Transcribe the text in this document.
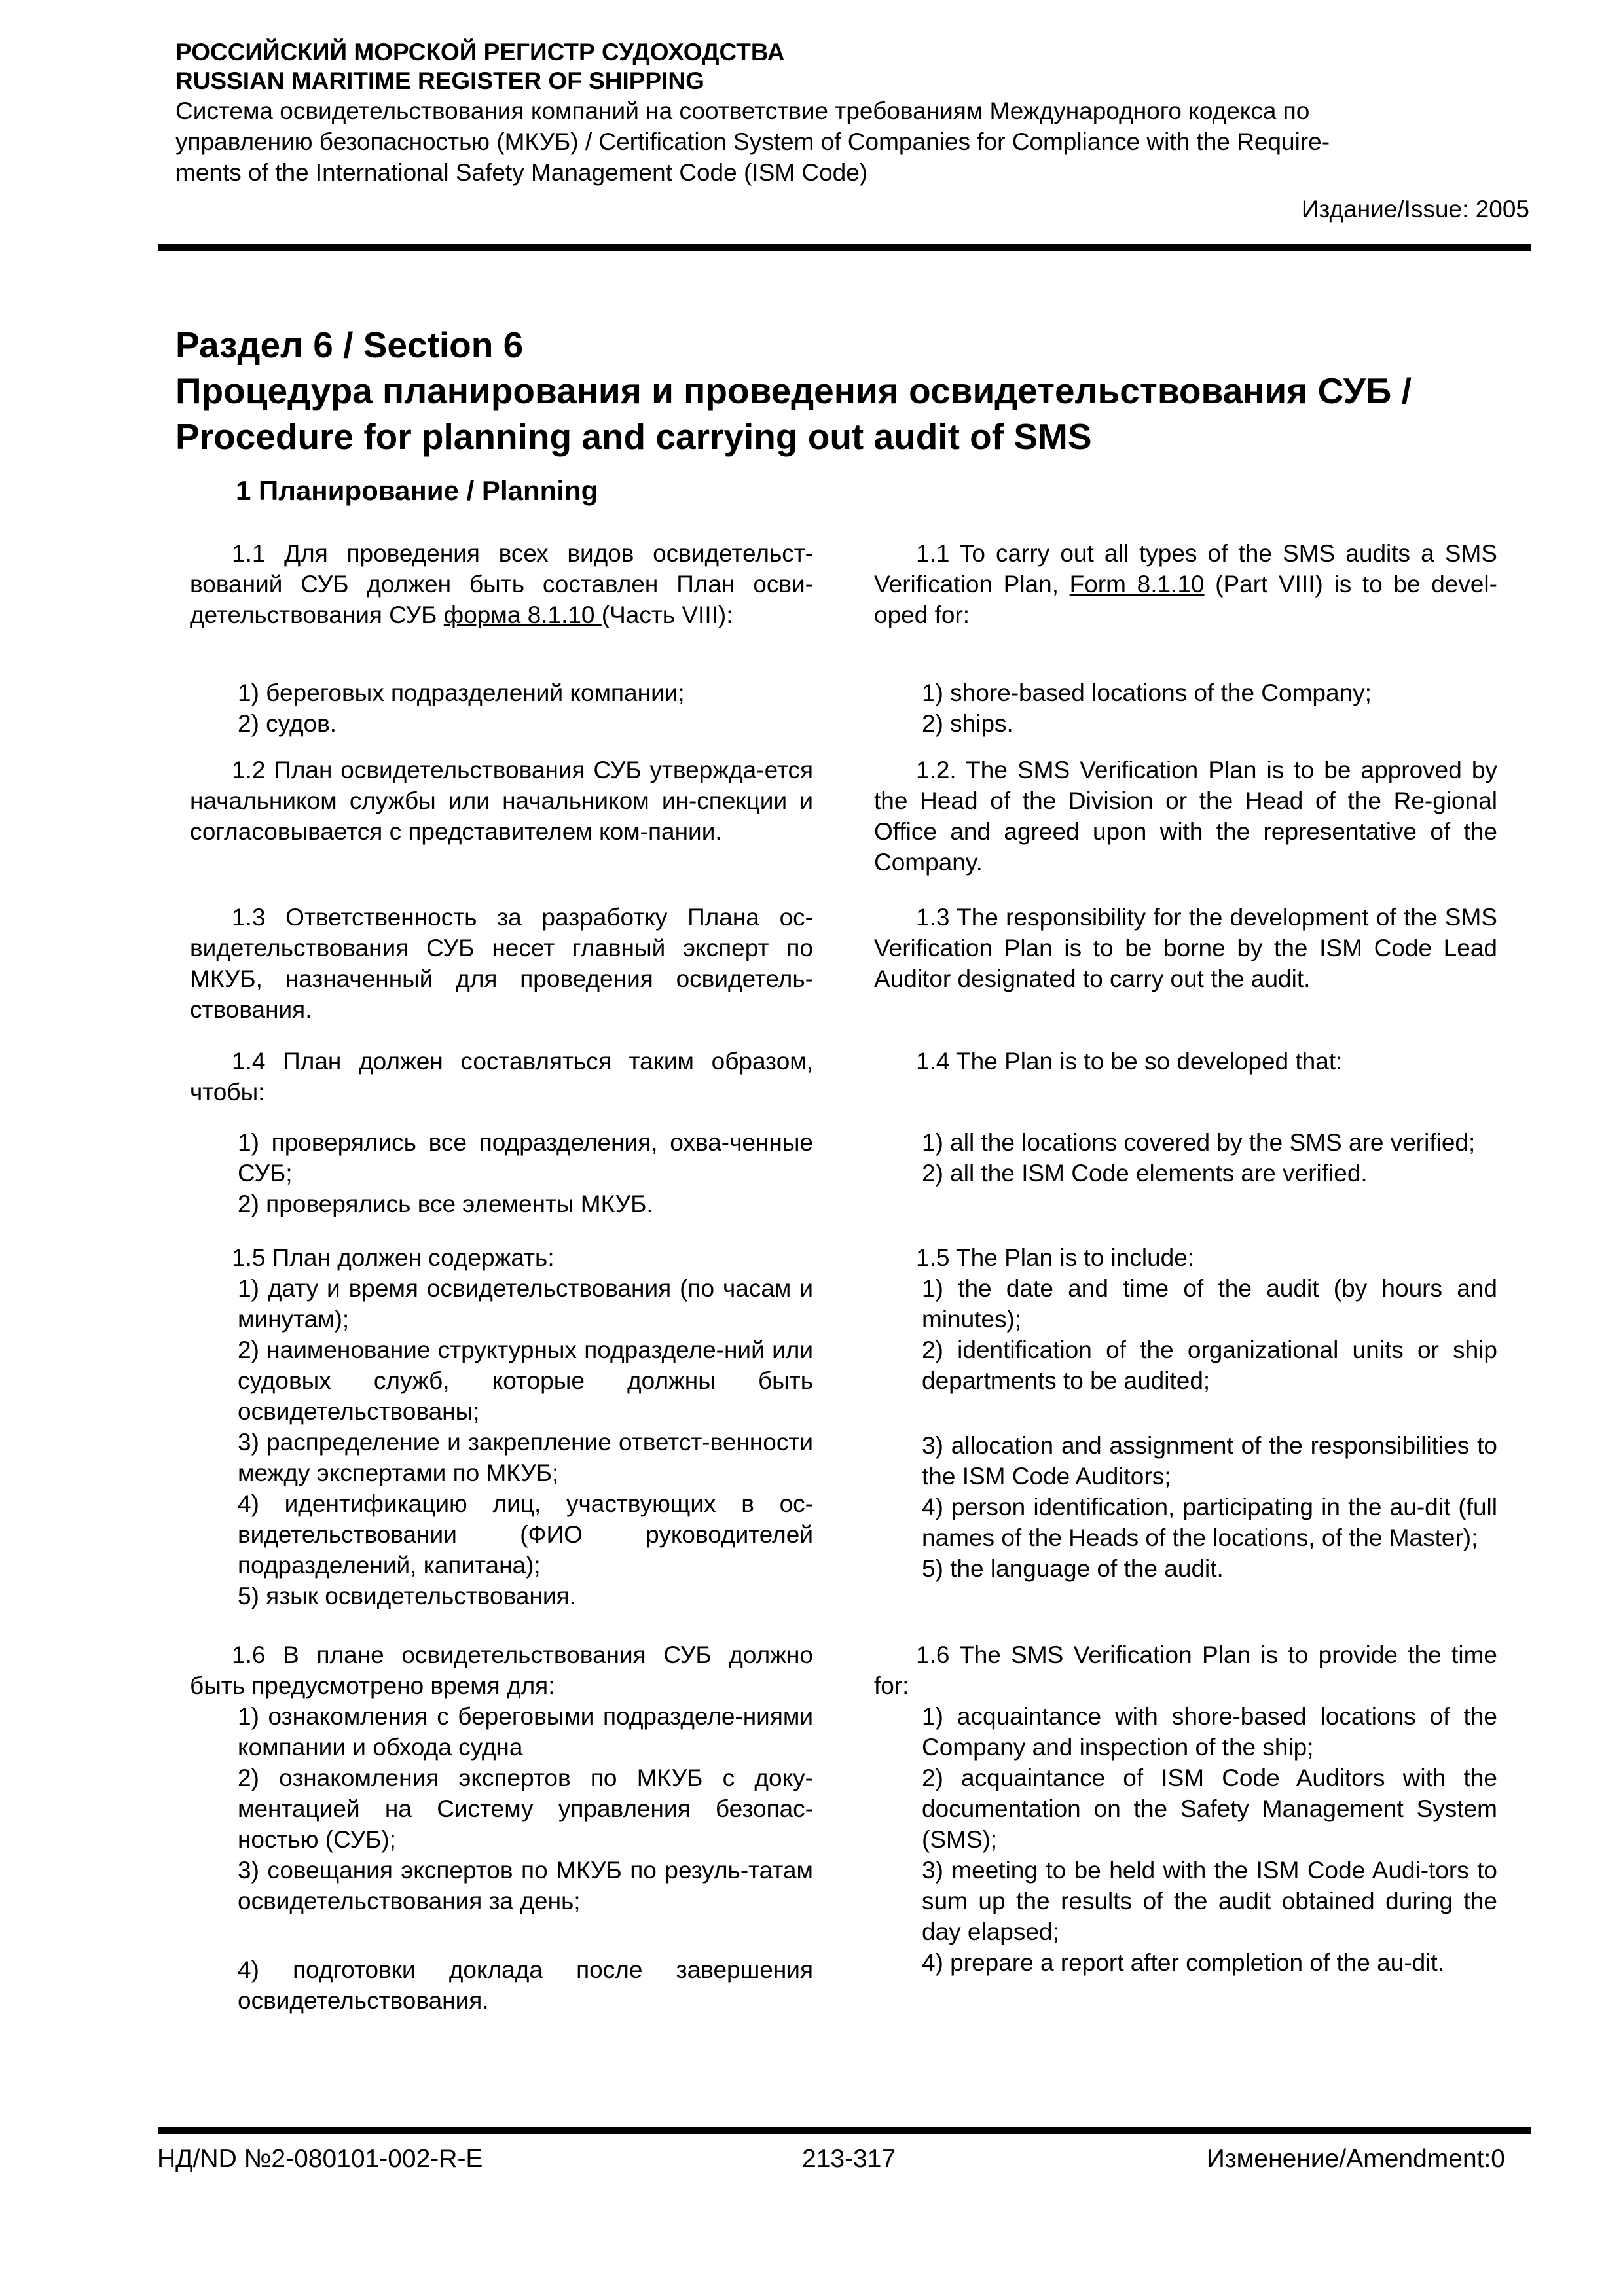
РОССИЙСКИЙ МОРСКОЙ РЕГИСТР СУДОХОДСТВА
RUSSIAN MARITIME REGISTER OF SHIPPING
Система освидетельствования компаний на соответствие требованиям Международного кодекса по
управлению безопасностью (МКУБ) / Certification System of Companies for Compliance with the Require-
ments of the International Safety Management Code (ISM Code)
Издание/Issue: 2005
Раздел 6 / Section 6
Процедура планирования и проведения освидетельствования СУБ /
Procedure for planning and carrying out audit of SMS
1 Планирование / Planning
1.1 Для проведения всех видов освидетельст-вований СУБ должен быть составлен План осви-детельствования СУБ форма 8.1.10 (Часть VIII):
1) береговых подразделений компании;
2) судов.
1.2 План освидетельствования СУБ утвержда-ется начальником службы или начальником ин-спекции и согласовывается с представителем ком-пании.
1.3 Ответственность за разработку Плана ос-видетельствования СУБ несет главный эксперт по МКУБ, назначенный для проведения освидетель-ствования.
1.4 План должен составляться таким образом, чтобы:
1) проверялись все подразделения, охва-ченные СУБ;
2) проверялись все элементы МКУБ.
1.5 План должен содержать:
1) дату и время освидетельствования (по часам и минутам);
2) наименование структурных подразделе-ний или судовых служб, которые должны быть освидетельствованы;
3) распределение и закрепление ответст-венности между экспертами по МКУБ;
4) идентификацию лиц, участвующих в ос-видетельствовании (ФИО руководителей подразделений, капитана);
5) язык освидетельствования.
1.6 В плане освидетельствования СУБ должно быть предусмотрено время для:
1) ознакомления с береговыми подразделе-ниями компании и обхода судна
2) ознакомления экспертов по МКУБ с доку-ментацией на Систему управления безопас-ностью (СУБ);
3) совещания экспертов по МКУБ по резуль-татам освидетельствования за день;
4) подготовки доклада после завершения освидетельствования.
1.1 To carry out all types of the SMS audits a SMS Verification Plan, Form 8.1.10 (Part VIII) is to be devel-oped for:
1) shore-based locations of the Company;
2) ships.
1.2. The SMS Verification Plan is to be approved by the Head of the Division or the Head of the Re-gional Office and agreed upon with the representative of the Company.
1.3 The responsibility for the development of the SMS Verification Plan is to be borne by the ISM Code Lead Auditor designated to carry out the audit.
1.4 The Plan is to be so developed that:
1) all the locations covered by the SMS are verified;
2) all the ISM Code elements are verified.
1.5 The Plan is to include:
1) the date and time of the audit (by hours and minutes);
2) identification of the organizational units or ship departments to be audited;
3) allocation and assignment of the responsibilities to the ISM Code Auditors;
4) person identification, participating in the au-dit (full names of the Heads of the locations, of the Master);
5) the language of the audit.
1.6 The SMS Verification Plan is to provide the time for:
1) acquaintance with shore-based locations of the Company and inspection of the ship;
2) acquaintance of ISM Code Auditors with the documentation on the Safety Management System (SMS);
3) meeting to be held with the ISM Code Audi-tors to sum up the results of the audit obtained during the day elapsed;
4) prepare a report after completion of the au-dit.
НД/ND №2-080101-002-R-E	213-317	Изменение/Amendment:0
